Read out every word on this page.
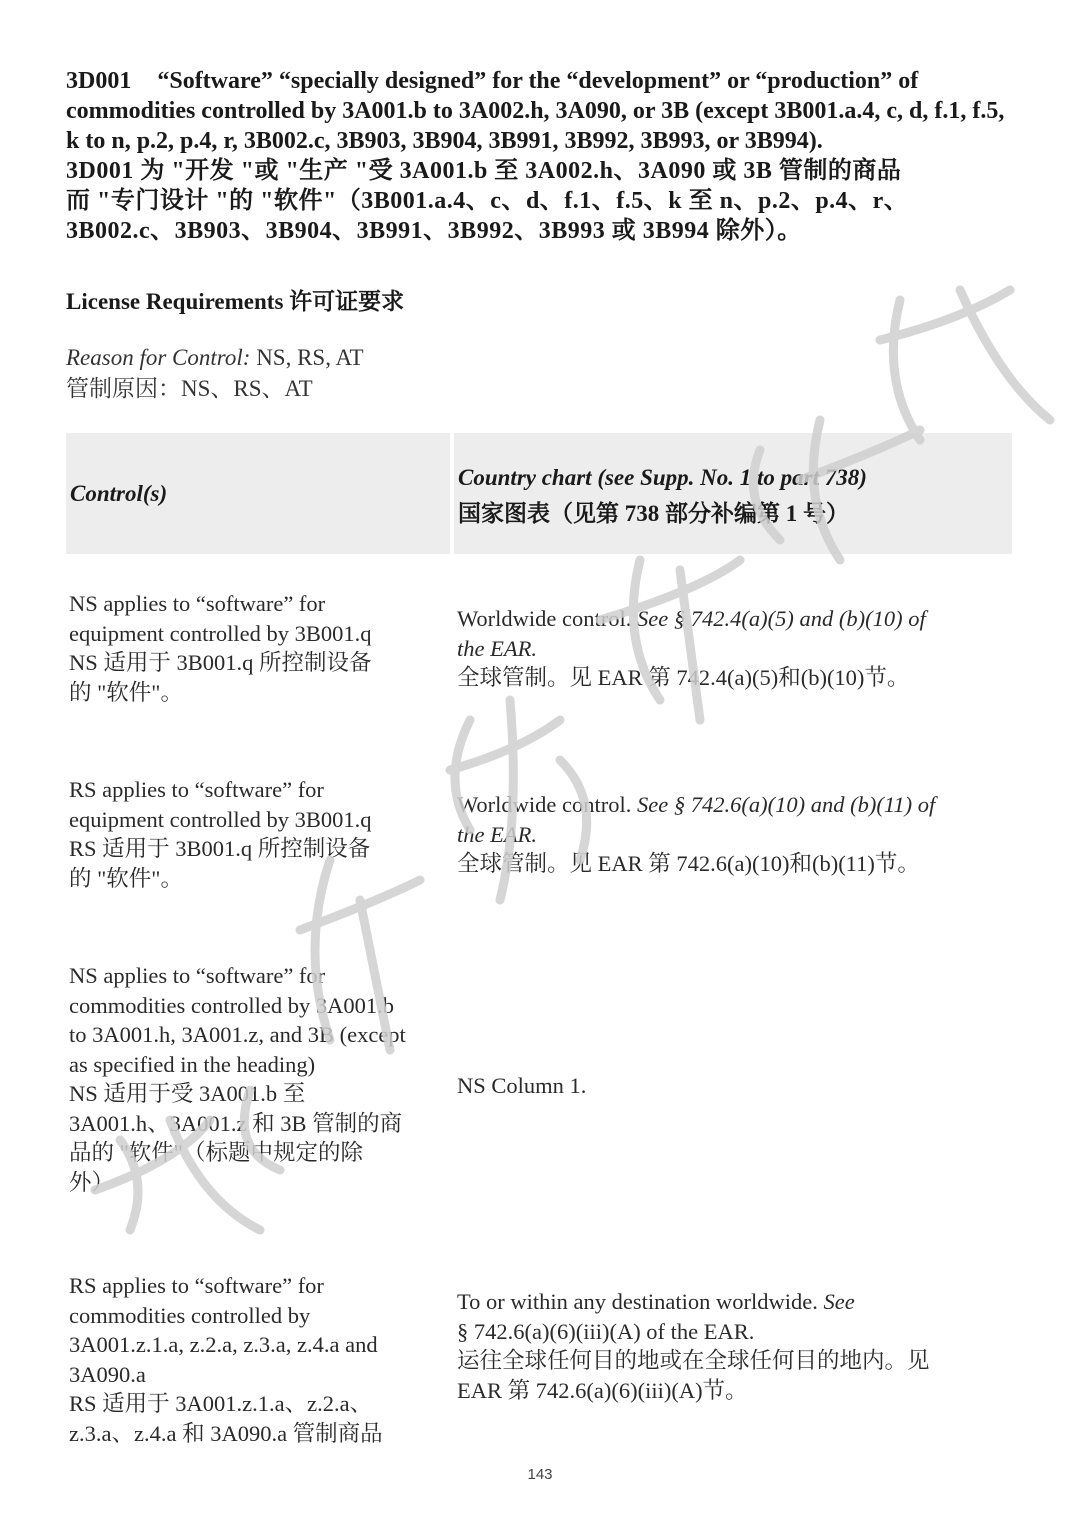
3D001 “Software” “specially designed” for the “development” or “production” of commodities controlled by 3A001.b to 3A002.h, 3A090, or 3B (except 3B001.a.4, c, d, f.1, f.5, k to n, p.2, p.4, r, 3B002.c, 3B903, 3B904, 3B991, 3B992, 3B993, or 3B994).

3D001 为 "开发 "或 "生产 "受 3A001.b 至 3A002.h、3A090 或 3B 管制的商品

而 "专门设计 "的 "软件"（3B001.a.4、c、d、f.1、f.5、k 至 n、p.2、p.4、r、

3B002.c、3B903、3B904、3B991、3B992、3B993 或 3B994 除外）。

License Requirements 许可证要求
Reason for Control: NS, RS, AT
管制原因：NS、RS、AT
Control(s)
Country chart (see Supp. No. 1 to part 738)
国家图表（见第 738 部分补编第 1 号）

NS applies to “software” for

equipment controlled by 3B001.q

NS 适用于 3B001.q 所控制设备

的 "软件"。

Worldwide control. See § 742.4(a)(5) and (b)(10) of

the EAR.

全球管制。见 EAR 第 742.4(a)(5)和(b)(10)节。

RS applies to “software” for

equipment controlled by 3B001.q

RS 适用于 3B001.q 所控制设备

的 "软件"。

Worldwide control. See § 742.6(a)(10) and (b)(11) of

the EAR.

全球管制。见 EAR 第 742.6(a)(10)和(b)(11)节。

NS applies to “software” for

commodities controlled by 3A001.b

to 3A001.h, 3A001.z, and 3B (except

as specified in the heading)

NS 适用于受 3A001.b 至

3A001.h、3A001.z 和 3B 管制的商

品的 "软件"（标题中规定的除

外）

NS Column 1.

RS applies to “software” for

commodities controlled by

3A001.z.1.a, z.2.a, z.3.a, z.4.a and

3A090.a

RS 适用于 3A001.z.1.a、z.2.a、

z.3.a、z.4.a 和 3A090.a 管制商品

To or within any destination worldwide. See

§ 742.6(a)(6)(iii)(A) of the EAR.

运往全球任何目的地或在全球任何目的地内。见

EAR 第 742.6(a)(6)(iii)(A)节。

143
